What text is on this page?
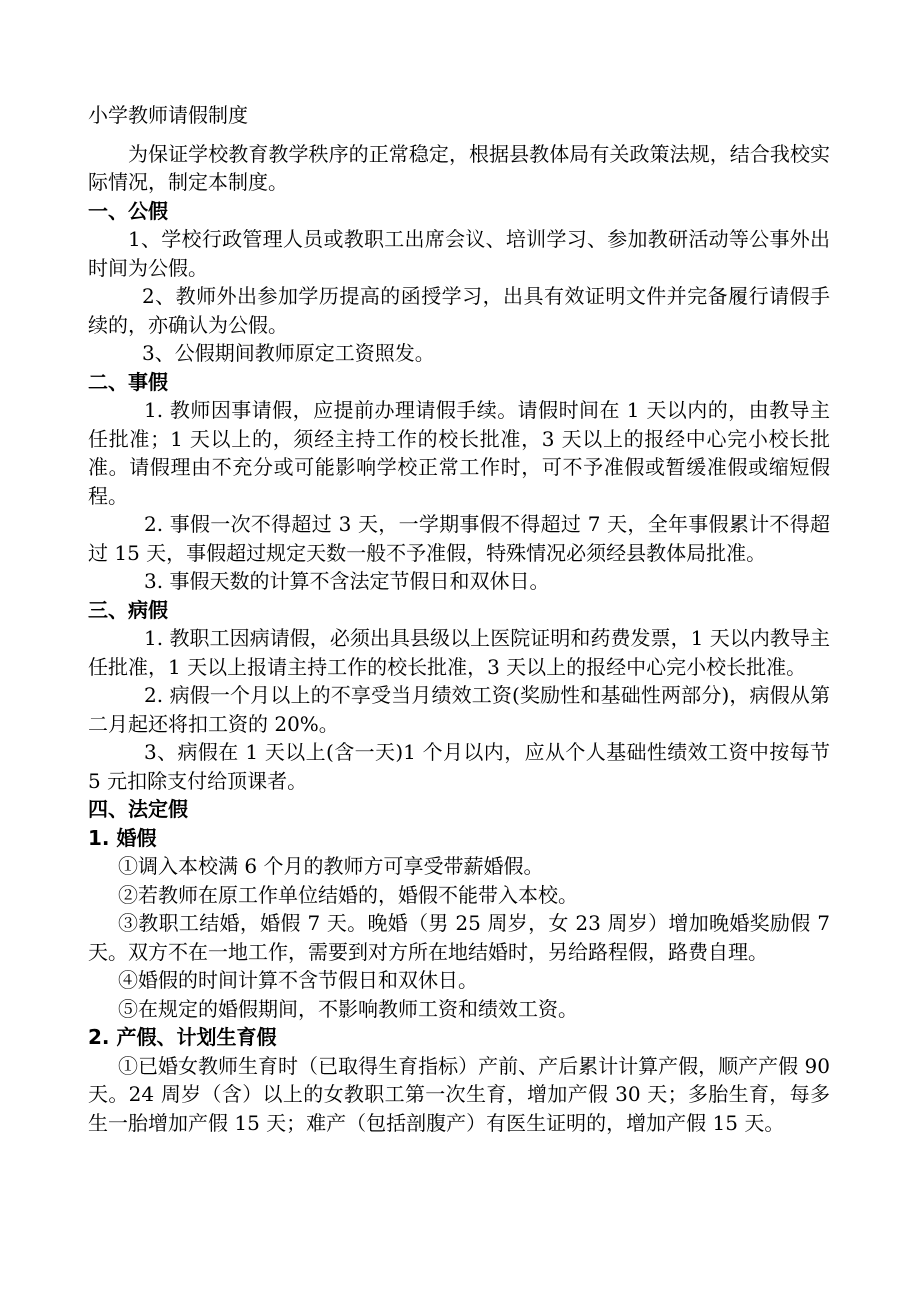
小学教师请假制度

为保证学校教育教学秩序的正常稳定，根据县教体局有关政策法规，结合我校实际情况，制定本制度。

一、公假

1、学校行政管理人员或教职工出席会议、培训学习、参加教研活动等公事外出时间为公假。

2、教师外出参加学历提高的函授学习，出具有效证明文件并完备履行请假手续的，亦确认为公假。

3、公假期间教师原定工资照发。

二、事假

1. 教师因事请假，应提前办理请假手续。请假时间在 1 天以内的，由教导主任批准；1 天以上的，须经主持工作的校长批准，3 天以上的报经中心完小校长批准。请假理由不充分或可能影响学校正常工作时，可不予准假或暂缓准假或缩短假程。

2. 事假一次不得超过 3 天，一学期事假不得超过 7 天，全年事假累计不得超过 15 天，事假超过规定天数一般不予准假，特殊情况必须经县教体局批准。

3. 事假天数的计算不含法定节假日和双休日。

三、病假

1. 教职工因病请假，必须出具县级以上医院证明和药费发票，1 天以内教导主任批准，1 天以上报请主持工作的校长批准，3 天以上的报经中心完小校长批准。

2. 病假一个月以上的不享受当月绩效工资(奖励性和基础性两部分)，病假从第二月起还将扣工资的 20%。

3、病假在 1 天以上(含一天)1 个月以内，应从个人基础性绩效工资中按每节 5 元扣除支付给顶课者。

四、法定假

1. 婚假

①调入本校满 6 个月的教师方可享受带薪婚假。

②若教师在原工作单位结婚的，婚假不能带入本校。

③教职工结婚，婚假 7 天。晚婚（男 25 周岁，女 23 周岁）增加晚婚奖励假 7 天。双方不在一地工作，需要到对方所在地结婚时，另给路程假，路费自理。

④婚假的时间计算不含节假日和双休日。

⑤在规定的婚假期间，不影响教师工资和绩效工资。

2. 产假、计划生育假

①已婚女教师生育时（已取得生育指标）产前、产后累计计算产假，顺产产假 90 天。24 周岁（含）以上的女教职工第一次生育，增加产假 30 天；多胎生育，每多生一胎增加产假 15 天；难产（包括剖腹产）有医生证明的，增加产假 15 天。
